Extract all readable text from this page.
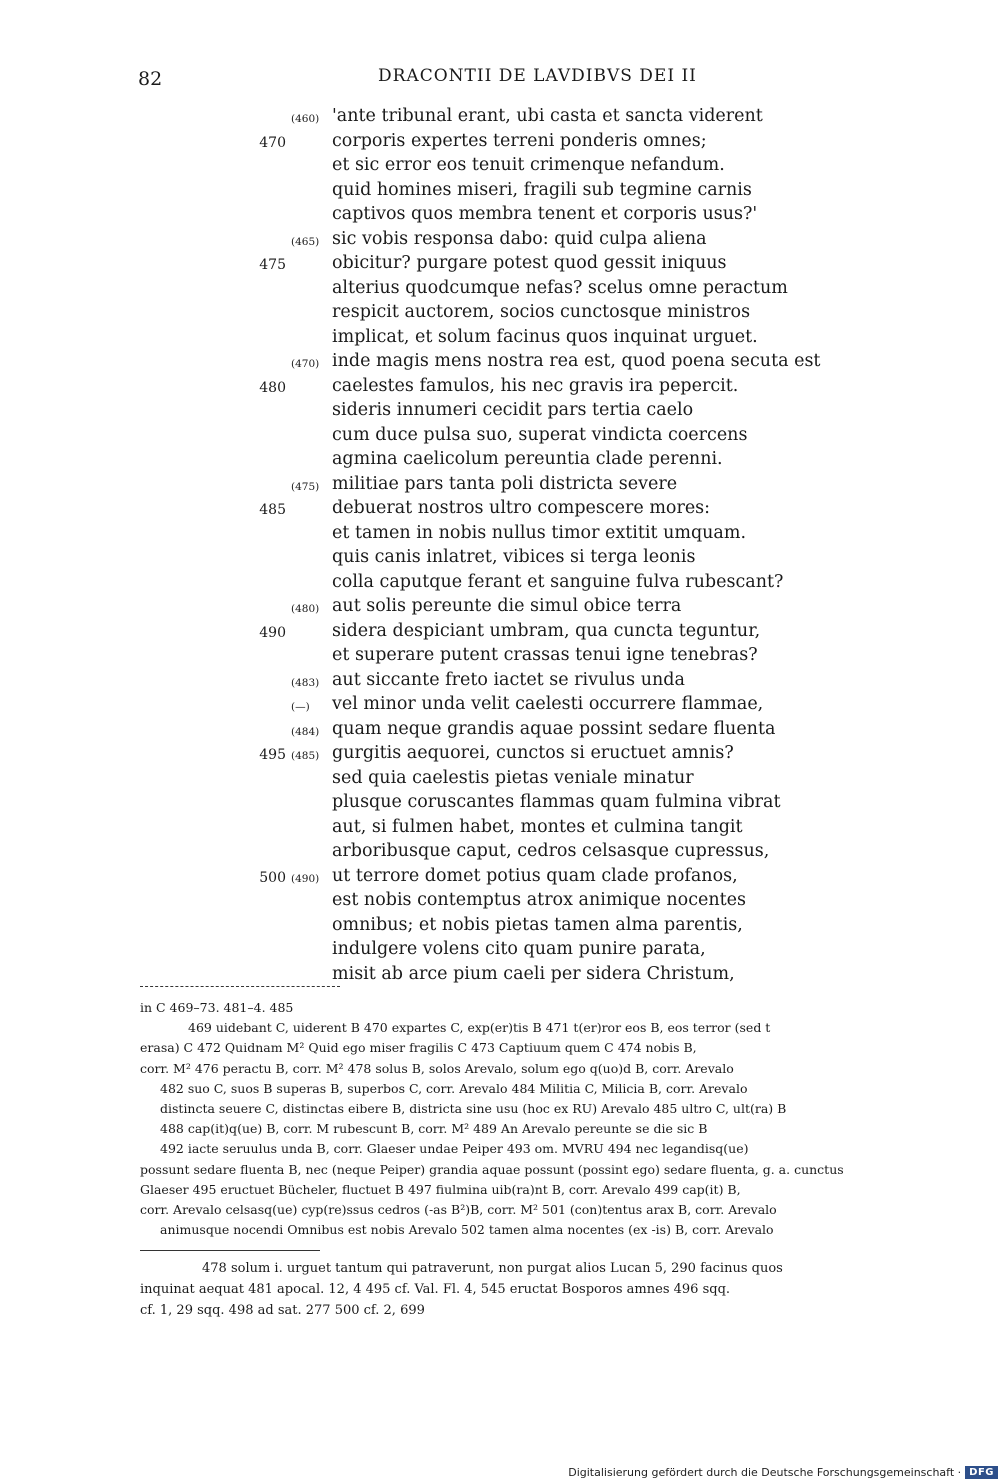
82	DRACONTII DE LAVDIBVS DEI II
(460) 'ante tribunal erant, ubi casta et sancta viderent
470	corporis expertes terreni ponderis omnes;
et sic error eos tenuit crimenque nefandum.
quid homines miseri, fragili sub tegmine carnis
captivos quos membra tenent et corporis usus?'
(465) sic vobis responsa dabo: quid culpa aliena
475	obicitur? purgare potest quod gessit iniquus
alterius quodcumque nefas? scelus omne peractum
respicit auctorem, socios cunctosque ministros
implicat, et solum facinus quos inquinat urguet.
(470) inde magis mens nostra rea est, quod poena secuta est
480	caelestes famulos, his nec gravis ira pepercit.
sideris innumeri cecidit pars tertia caelo
cum duce pulsa suo, superat vindicta coercens
agmina caelicolum pereuntia clade perenni.
(475) militiae pars tanta poli districta severe
485	debuerat nostros ultro compescere mores:
et tamen in nobis nullus timor extitit umquam.
quis canis inlatret, vibices si terga leonis
colla caputque ferant et sanguine fulva rubescant?
(480) aut solis pereunte die simul obice terra
490	sidera despiciant umbram, qua cuncta teguntur,
et superare putent crassas tenui igne tenebras?
(483) aut siccante freto iactet se rivulus unda
(—) vel minor unda velit caelesti occurrere flammae,
(484) quam neque grandis aquae possint sedare fluenta
495 (485) gurgitis aequorei, cunctos si eructuet amnis?
sed quia caelestis pietas veniale minatur
plusque coruscantes flammas quam fulmina vibrat
aut, si fulmen habet, montes et culmina tangit
arboribusque caput, cedros celsasque cupressus,
500 (490) ut terrore domet potius quam clade profanos,
est nobis contemptus atrox animique nocentes
omnibus; et nobis pietas tamen alma parentis,
indulgere volens cito quam punire parata,
misit ab arce pium caeli per sidera Christum,
in C 469–73. 481–4. 485
469 uidebant C, uiderent B 470 expartes C, exp(er)tis B 471 t(er)ror eos B, eos terror (sed t
erasa) C 472 Quidnam M² Quid ego miser fragilis C 473 Captiuum quem C 474 nobis B,
corr. M² 476 peractu B, corr. M² 478 solus B, solos Arevalo, solum ego q(uo)d B, corr. Arevalo
482 suo C, suos B superas B, superbos C, corr. Arevalo 484 Militia C, Milicia B, corr. Arevalo
distincta seuere C, distinctas eibere B, districta sine usu (hoc ex RU) Arevalo 485 ultro C, ult(ra) B
488 cap(it)q(ue) B, corr. M rubescunt B, corr. M² 489 An Arevalo pereunte se die sic B
492 iacte seruulus unda B, corr. Glaeser undae Peiper 493 om. MVRU 494 nec legandisq(ue)
possunt sedare fluenta B, nec (neque Peiper) grandia aquae possunt (possint ego) sedare fluenta, g. a. cunctus
Glaeser 495 eructuet Bücheler, fluctuet B 497 fiulmina uib(ra)nt B, corr. Arevalo 499 cap(it) B,
corr. Arevalo celsasq(ue) cyp(re)ssus cedros (-as B²)B, corr. M² 501 (con)tentus arax B, corr. Arevalo
animusque nocendi Omnibus est nobis Arevalo 502 tamen alma nocentes (ex -is) B, corr. Arevalo
478 solum i. urguet tantum qui patraverunt, non purgat alios Lucan 5, 290 facinus quos
inquinat aequat 481 apocal. 12, 4 495 cf. Val. Fl. 4, 545 eructat Bosporos amnes 496 sqq.
cf. 1, 29 sqq. 498 ad sat. 277 500 cf. 2, 699
Digitalisierung gefördert durch die Deutsche Forschungsgemeinschaft · DFG
